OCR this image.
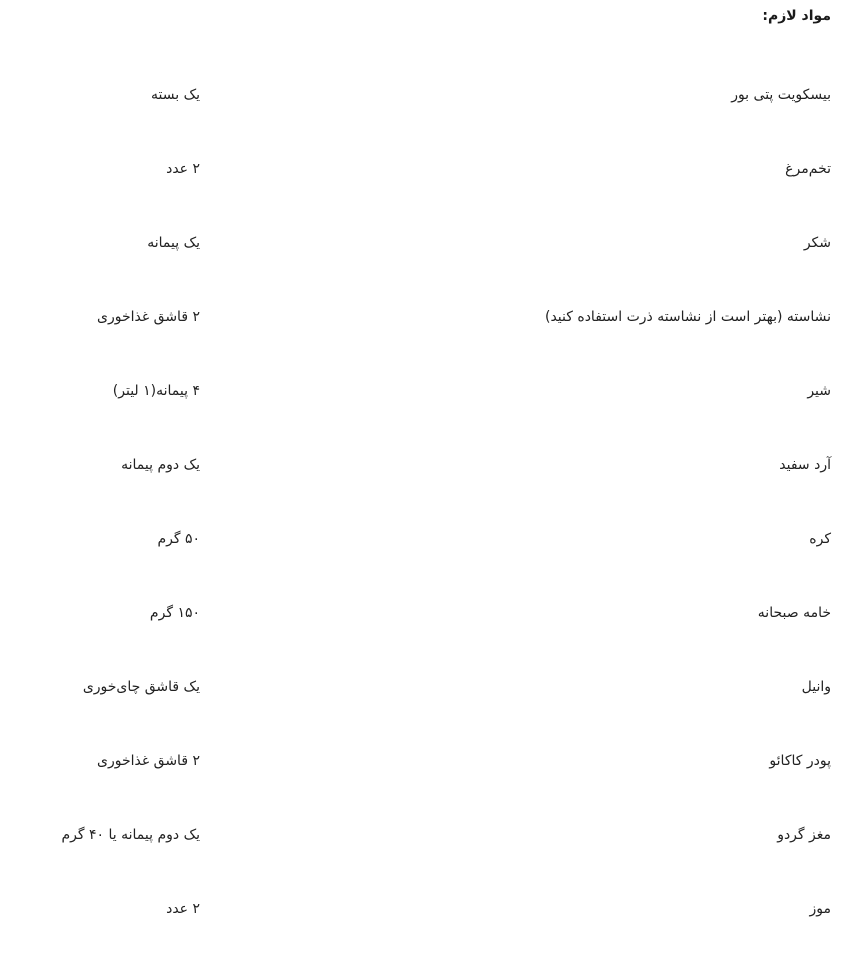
مواد لازم:
بیسکویت پتی بور
یک بسته
تخم‌مرغ
۲ عدد
شکر
یک پیمانه
نشاسته (بهتر است از نشاسته ذرت استفاده کنید)
۲ قاشق غذاخوری
شیر
۴ پیمانه(۱ لیتر)
آرد سفید
یک دوم پیمانه
کره
۵۰ گرم
خامه صبحانه
۱۵۰ گرم
وانیل
یک قاشق چای‌خوری
پودر کاکائو
۲ قاشق غذاخوری
مغز گردو
یک دوم پیمانه یا ۴۰ گرم
موز
۲ عدد
